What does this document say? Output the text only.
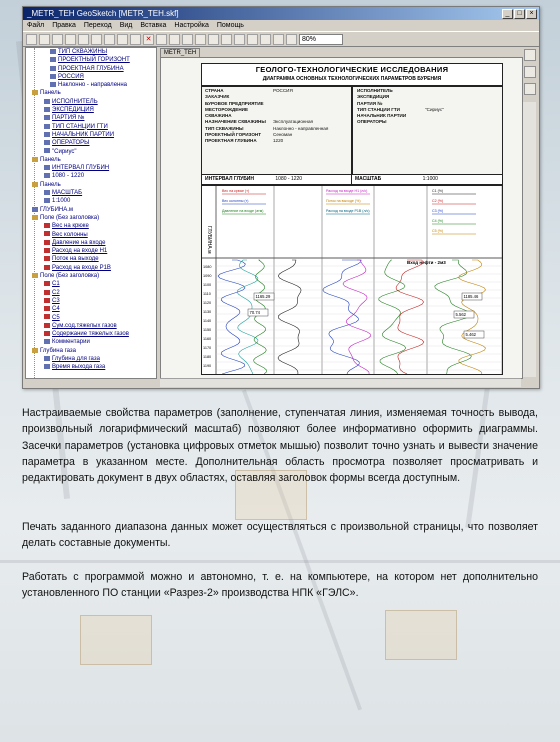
_METR_TEH GeoSketch [METR_TEH.skf]	_	□	×
Файл Правка Переход Вид Вставка Настройка Помощь
✕	80%
ТИП СКВАЖИНЫ
ПРОЕКТНЫЙ ГОРИЗОНТ
ПРОЕКТНАЯ ГЛУБИНА
РОССИЯ
Наклонно - направленна
Панель
ИСПОЛНИТЕЛЬ
ЭКСПЕДИЦИЯ
ПАРТИЯ №
ТИП СТАНЦИИ ГТИ
НАЧАЛЬНИК ПАРТИИ
ОПЕРАТОРЫ
"Сириус"
Панель
ИНТЕРВАЛ ГЛУБИН
1080 - 1220
Панель
МАСШТАБ
1:1000
ГЛУБИНА.м
Поле (Без заголовка)
Вес на крюке
Вес колонны
Давление на входе
Расход на входе Н1
Поток на выходе
Расход на входе Р1В
Поле (Без заголовка)
С1
С2
С3
С4
С5
Сум.сод.тяжелых газов
Содержание тяжелых газов
Комментарии
Глубина газа
Глубина для газа
Время выхода газа
METR_TEH
ГЕОЛОГО-ТЕХНОЛОГИЧЕСКИЕ ИССЛЕДОВАНИЯ
ДИАГРАММА ОСНОВНЫХ ТЕХНОЛОГИЧЕСКИХ ПАРАМЕТРОВ БУРЕНИЯ
СТРАНА	РОССИЯ
ЗАКАЗЧИК
БУРОВОЕ ПРЕДПРИЯТИЕ
МЕСТОРОЖДЕНИЕ
СКВАЖИНА
НАЗНАЧЕНИЕ СКВАЖИНЫ	Эксплуатационная
ТИП СКВАЖИНЫ	Наклонно - направленная
ПРОЕКТНЫЙ ГОРИЗОНТ	Сеноман
ПРОЕКТНАЯ ГЛУБИНА	1220
ИСПОЛНИТЕЛЬ
ЭКСПЕДИЦИЯ
ПАРТИЯ №
ТИП СТАНЦИИ ГТИ	"Сириус"
НАЧАЛЬНИК ПАРТИИ
ОПЕРАТОРЫ
ИНТЕРВАЛ ГЛУБИН	1080 - 1220	МАСШТАБ	1:1000
ГЛУБИНА.м
Вес на крюке (т)
Вес колонны (т)
Давление на входе (атм)
Расход на входе Н1 (л/с)
Поток на выходе (%)
Расход на входе Р1В (л/с)
С1 (%)
С2 (%)
С3 (%)
С4 (%)
С5 (%)
1080
1090
1100
1110
1120
1130
1140
1150
1160
1170
1180
1190
Вход нефти - 2м3
1165.29
70.74
1185.46
5.562
5.462
Настраиваемые свойства параметров (заполнение, ступенчатая линия, изменяемая точность вывода, произвольный логарифмический масштаб) позволяют более информативно оформить диаграммы. Засечки параметров (установка цифровых отметок мышью) позволит точно узнать и вывести значение параметра в указанном месте. Дополнительная область просмотра позволяет просматривать и редактировать документ в двух областях, оставляя заголовок формы всегда доступным.
Печать заданного диапазона данных может осуществляться с произвольной страницы, что позволяет делать составные документы.
Работать с программой можно и автономно, т. е. на компьютере, на котором нет дополнительно установленного ПО станции «Разрез-2» производства НПК «ГЭЛС».
